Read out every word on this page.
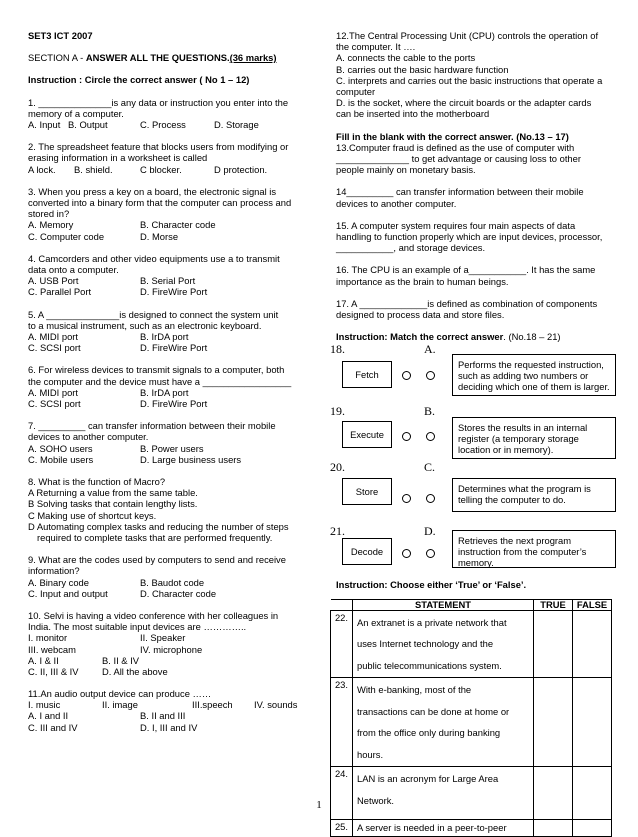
SET3 ICT 2007
SECTION A - ANSWER ALL THE QUESTIONS.(36 marks)
Instruction : Circle the correct answer ( No 1 – 12)
1. ______________is any data or instruction you enter into the
memory of a computer.
A. Input B. Output	C. Process	D. Storage
2. The spreadsheet feature that blocks users from modifying or
erasing information in a worksheet is called
A lock. B. shield.	C blocker.	D protection.
3. When you press a key on a board, the electronic signal is
converted into a binary form that the computer can process and
stored in?
A. Memory	B. Character code
C. Computer code	D. Morse
4. Camcorders and other video equipments use a to transmit
data onto a computer.
A. USB Port	B. Serial Port
C. Parallel Port	D. FireWire Port
5. A ______________is designed to connect the system unit
to a musical instrument, such as an electronic keyboard.
A. MIDI port	B. IrDA port
C. SCSI port	D. FireWire Port
6. For wireless devices to transmit signals to a computer, both
the computer and the device must have a _________________
A. MIDI port	B. IrDA port
C. SCSI port	D. FireWire Port
7. _________ can transfer information between their mobile
devices to another computer.
A. SOHO users	B. Power users
C. Mobile users	D. Large business users
8. What is the function of Macro?
A Returning a value from the same table.
B Solving tasks that contain lengthy lists.
C Making use of shortcut keys.
D Automating complex tasks and reducing the number of steps
required to complete tasks that are performed frequently.
9. What are the codes used by computers to send and receive
information?
A. Binary code	B. Baudot code
C. Input and output	D. Character code
10. Selvi is having a video conference with her colleagues in
India. The most suitable input devices are …………..
I. monitor	II. Speaker
III. webcam	IV. microphone
A. I & II	B. II & IV
C. II, III & IV D. All the above
11.An audio output device can produce ……
I. music	II. image	III.speech IV. sounds
A. I and II	B. II and III
C. III and IV	D. I, III and IV
12.The Central Processing Unit (CPU) controls the operation of
the computer. It ….
A. connects the cable to the ports
B. carries out the basic hardware function
C. interprets and carries out the basic instructions that operate a
computer
D. is the socket, where the circuit boards or the adapter cards
can be inserted into the motherboard
Fill in the blank with the correct answer. (No.13 – 17)
13.Computer fraud is defined as the use of computer with
______________ to get advantage or causing loss to other
people mainly on monetary basis.
14_________ can transfer information between their mobile
devices to another computer.
15. A computer system requires four main aspects of data
handling to function properly which are input devices, processor,
___________, and storage devices.
16. The CPU is an example of a___________. It has the same
importance as the brain to human beings.
17. A _____________is defined as combination of components
designed to process data and store files.
Instruction: Match the correct answer. (No.18 – 21)
18.	A.
Fetch
Performs the requested instruction, such as adding two numbers or deciding which one of them is larger.
19.	B.
Execute
Stores the results in an internal register (a temporary storage location or in memory).
20.	C.
Store	Determines what the program is telling the computer to do.
21.	D.
Decode
Retrieves the next program instruction from the computer’s memory.
Instruction: Choose either ‘True’ or ‘False’.
	STATEMENT	TRUE	FALSE
22.	An extranet is a private network that
uses Internet technology and the
public telecommunications system.		

23.	With e-banking, most of the
transactions can be done at home or
from the office only during banking
hours.		

24.	LAN is an acronym for Large Area
Network.		

25.	A server is needed in a peer-to-peer		

1
